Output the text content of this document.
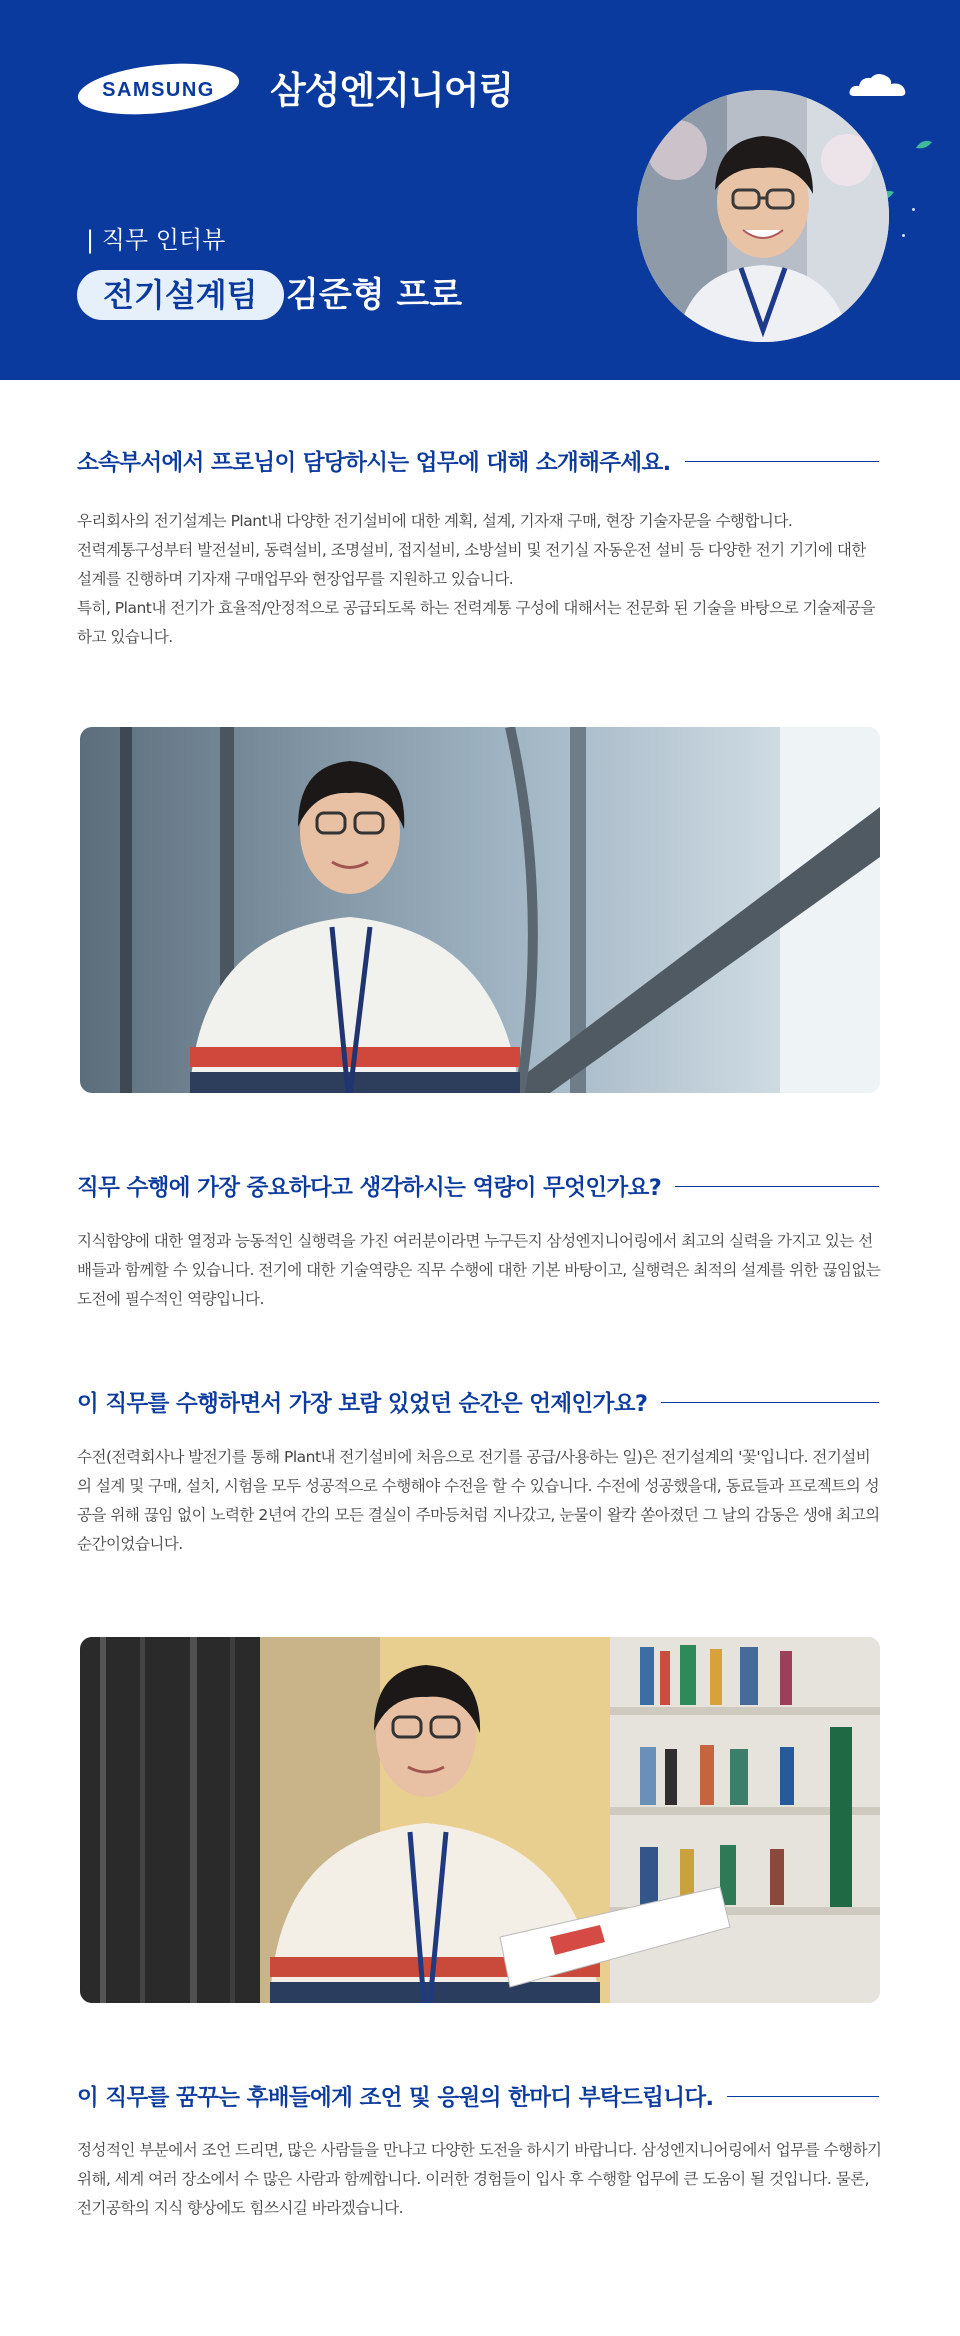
SAMSUNG 삼성엔지니어링
| 직무 인터뷰
전기설계팀 김준형 프로
소속부서에서 프로님이 담당하시는 업무에 대해 소개해주세요.

우리회사의 전기설계는 Plant내 다양한 전기설비에 대한 계획, 설계, 기자재 구매, 현장 기술자문을 수행합니다.

전력계통구성부터 발전설비, 동력설비, 조명설비, 접지설비, 소방설비 및 전기실 자동운전 설비 등 다양한 전기 기기에 대한 설계를 진행하며 기자재 구매업무와 현장업무를 지원하고 있습니다.

특히, Plant내 전기가 효율적/안정적으로 공급되도록 하는 전력계통 구성에 대해서는 전문화 된 기술을 바탕으로 기술제공을 하고 있습니다.

직무 수행에 가장 중요하다고 생각하시는 역량이 무엇인가요?

지식함양에 대한 열정과 능동적인 실행력을 가진 여러분이라면 누구든지 삼성엔지니어링에서 최고의 실력을 가지고 있는 선배들과 함께할 수 있습니다. 전기에 대한 기술역량은 직무 수행에 대한 기본 바탕이고, 실행력은 최적의 설계를 위한 끊임없는 도전에 필수적인 역량입니다.

이 직무를 수행하면서 가장 보람 있었던 순간은 언제인가요?

수전(전력회사나 발전기를 통해 Plant내 전기설비에 처음으로 전기를 공급/사용하는 일)은 전기설계의 '꽃'입니다. 전기설비의 설계 및 구매, 설치, 시험을 모두 성공적으로 수행해야 수전을 할 수 있습니다. 수전에 성공했을대, 동료들과 프로젝트의 성공을 위해 끊임 없이 노력한 2년여 간의 모든 결실이 주마등처럼 지나갔고, 눈물이 왈칵 쏟아졌던 그 날의 감동은 생애 최고의 순간이었습니다.

이 직무를 꿈꾸는 후배들에게 조언 및 응원의 한마디 부탁드립니다.

정성적인 부분에서 조언 드리면, 많은 사람들을 만나고 다양한 도전을 하시기 바랍니다. 삼성엔지니어링에서 업무를 수행하기 위해, 세계 여러 장소에서 수 많은 사람과 함께합니다. 이러한 경험들이 입사 후 수행할 업무에 큰 도움이 될 것입니다. 물론, 전기공학의 지식 향상에도 힘쓰시길 바라겠습니다.
